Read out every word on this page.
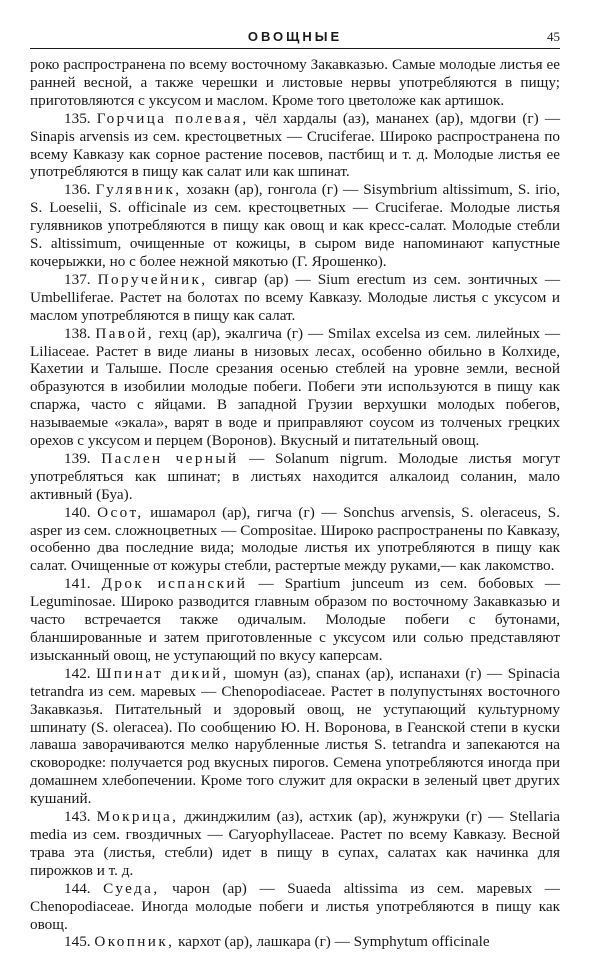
ОВОЩНЫЕ	45

роко распространена по всему восточному Закавказью. Самые молодые листья ее ранней весной, а также черешки и листовые нервы употребляются в пищу; приготовляются с уксусом и маслом. Кроме того цветоложе как артишок.

135. Горчица полевая, чёл хардалы (аз), мананех (ар), мдогви (г) — Sinapis arvensis из сем. крестоцветных — Cruciferae. Широко распространена по всему Кавказу как сорное растение посевов, пастбищ и т. д. Молодые листья ее употребляются в пищу как салат или как шпинат.

136. Гулявник, хозакн (ар), гонгола (г) — Sisymbrium altissimum, S. irio, S. Loeselii, S. officinale из сем. крестоцветных — Cruciferae. Молодые листья гулявников употребляются в пищу как овощ и как кресс-салат. Молодые стебли S. altissimum, очищенные от кожицы, в сыром виде напоминают капустные кочерыжки, но с более нежной мякотью (Г. Ярошенко).

137. Поручейник, сивгар (ар) — Sium erectum из сем. зонтичных — Umbelliferae. Растет на болотах по всему Кавказу. Молодые листья с уксусом и маслом употребляются в пищу как салат.

138. Павой, гехц (ар), экалгича (г) — Smilax excelsa из сем. лилейных — Liliaceae. Растет в виде лианы в низовых лесах, особенно обильно в Колхиде, Кахетии и Талыше. После срезания осенью стеблей на уровне земли, весной образуются в изобилии молодые побеги. Побеги эти используются в пищу как спаржа, часто с яйцами. В западной Грузии верхушки молодых побегов, называемые «экала», варят в воде и приправляют соусом из толченых грецких орехов с уксусом и перцем (Воронов). Вкусный и питательный овощ.

139. Паслен черный — Solanum nigrum. Молодые листья могут употребляться как шпинат; в листьях находится алкалоид соланин, мало активный (Буа).

140. Осот, ишамарол (ар), гигча (г) — Sonchus arvensis, S. oleraceus, S. asper из сем. сложноцветных — Compositae. Широко распространены по Кавказу, особенно два последние вида; молодые листья их употребляются в пищу как салат. Очищенные от кожуры стебли, растертые между руками,— как лакомство.

141. Дрок испанский — Spartium junceum из сем. бобовых — Leguminosae. Широко разводится главным образом по восточному Закавказью и часто встречается также одичалым. Молодые побеги с бутонами, бланшированные и затем приготовленные с уксусом или солью представляют изысканный овощ, не уступающий по вкусу каперсам.

142. Шпинат дикий, шомун (аз), спанах (ар), испанахи (г) — Spinacia tetrandra из сем. маревых — Chenopodiaceae. Растет в полупустынях восточного Закавказья. Питательный и здоровый овощ, не уступающий культурному шпинату (S. oleracea). По сообщению Ю. Н. Воронова, в Геанской степи в куски лаваша заворачиваются мелко нарубленные листья S. tetrandra и запекаются на сковородке: получается род вкусных пирогов. Семена употребляются иногда при домашнем хлебопечении. Кроме того служит для окраски в зеленый цвет других кушаний.

143. Мокрица, джинджилим (аз), астхик (ар), жунжруки (г) — Stellaria media из сем. гвоздичных — Caryophyllaceae. Растет по всему Кавказу. Весной трава эта (листья, стебли) идет в пищу в супах, салатах как начинка для пирожков и т. д.

144. Суеда, чарон (ар) — Suaeda altissima из сем. маревых — Chenopodiaceae. Иногда молодые побеги и листья употребляются в пищу как овощ.

145. Окопник, кархот (ар), лашкара (г) — Symphytum officinale
